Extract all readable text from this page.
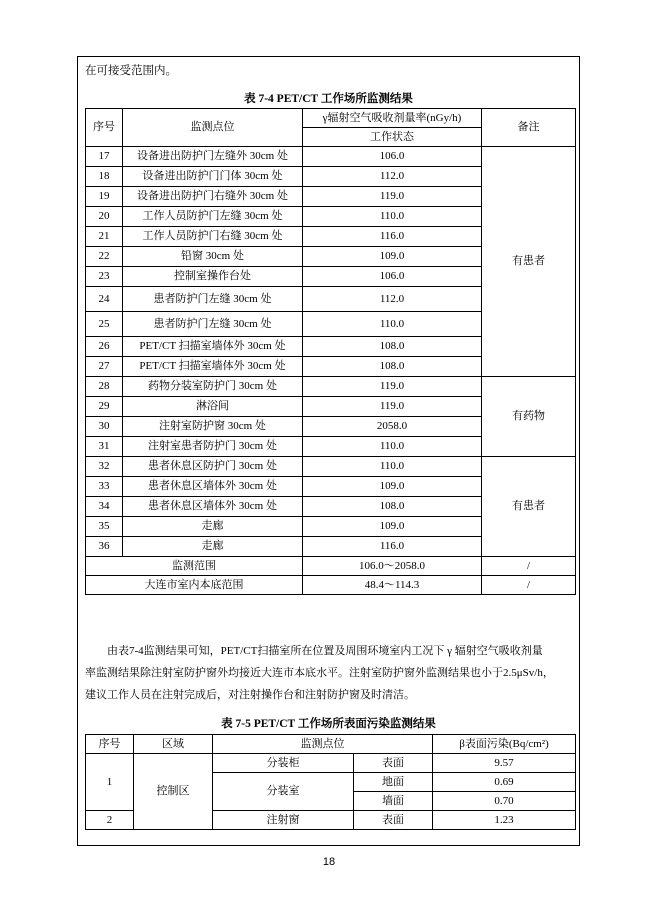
在可接受范围内。
表 7-4 PET/CT 工作场所监测结果
序号	监测点位	γ辐射空气吸收剂量率(nGy/h)	备注
		工作状态	
17	设备进出防护门左缝外 30cm 处	106.0	有患者
18	设备进出防护门门体 30cm 处	112.0	
19	设备进出防护门右缝外 30cm 处	119.0	
20	工作人员防护门左缝 30cm 处	110.0	
21	工作人员防护门右缝 30cm 处	116.0	
22	铅窗 30cm 处	109.0	
23	控制室操作台处	106.0	
24	患者防护门左缝 30cm 处	112.0	
25	患者防护门左缝 30cm 处	110.0	
26	PET/CT 扫描室墙体外 30cm 处	108.0	
27	PET/CT 扫描室墙体外 30cm 处	108.0	
28	药物分装室防护门 30cm 处	119.0	有药物
29	淋浴间	119.0	
30	注射室防护窗 30cm 处	2058.0	
31	注射室患者防护门 30cm 处	110.0	
32	患者休息区防护门 30cm 处	110.0	有患者
33	患者休息区墙体外 30cm 处	109.0	
34	患者休息区墙体外 30cm 处	108.0	
35	走廊	109.0	
36	走廊	116.0	
监测范围		106.0～2058.0	/
大连市室内本底范围		48.4～114.3	/
由表7-4监测结果可知，PET/CT扫描室所在位置及周围环境室内工况下 γ 辐射空气吸收剂量
率监测结果除注射室防护窗外均接近大连市本底水平。注射室防护窗外监测结果也小于2.5μSv/h，
建议工作人员在注射完成后，对注射操作台和注射防护窗及时清洁。
表 7-5 PET/CT 工作场所表面污染监测结果
序号	区域	监测点位		β表面污染(Bq/cm²)
1	控制区	分装柜	表面	9.57
		分装室	地面	0.69
			墙面	0.70
2		注射窗	表面	1.23
18
